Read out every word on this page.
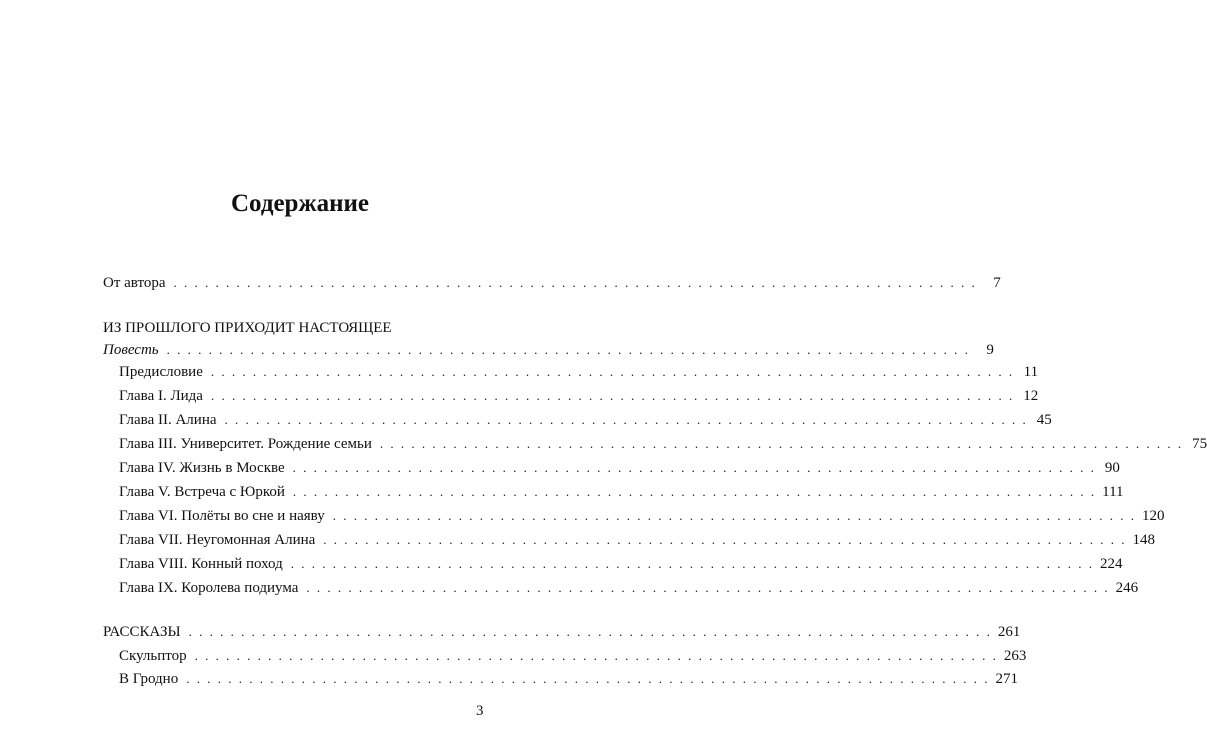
Содержание
От автора . . . . . . . . . . . . . . . . . . . . . . . . . . . . . . . . . . . . . . . . . . . . . . . . . . . . . . . . . . . . . . . . . . . . . . . . . . . . .	7
ИЗ ПРОШЛОГО ПРИХОДИТ НАСТОЯЩЕЕ
Повесть . . . . . . . . . . . . . . . . . . . . . . . . . . . . . . . . . . . . . . . . . . . . . . . . . . . . . . . . . . . . . . . . . . . . . . . . . . . . .	9
Предисловие . . . . . . . . . . . . . . . . . . . . . . . . . . . . . . . . . . . . . . . . . . . . . . . . . . . . . . . . . . . . . . . . . . . . . . . . . . . . . 11
Глава I. Лида . . . . . . . . . . . . . . . . . . . . . . . . . . . . . . . . . . . . . . . . . . . . . . . . . . . . . . . . . . . . . . . . . . . . . . . . . . . . . 12
Глава II. Алина . . . . . . . . . . . . . . . . . . . . . . . . . . . . . . . . . . . . . . . . . . . . . . . . . . . . . . . . . . . . . . . . . . . . . . . . . . . . . 45
Глава III. Университет. Рождение семьи . . . . . . . . . . . . . . . . . . . . . . . . . . . . . . . . . . . . . . . . . . . . . . . . . . . . . . . . . . . . . . . . . . . . . . . . . . . . . 75
Глава IV. Жизнь в Москве . . . . . . . . . . . . . . . . . . . . . . . . . . . . . . . . . . . . . . . . . . . . . . . . . . . . . . . . . . . . . . . . . . . . . . . . . . . . . 90
Глава V. Встреча с Юркой . . . . . . . . . . . . . . . . . . . . . . . . . . . . . . . . . . . . . . . . . . . . . . . . . . . . . . . . . . . . . . . . . . . . . . . . . . . . . 111
Глава VI. Полёты во сне и наяву . . . . . . . . . . . . . . . . . . . . . . . . . . . . . . . . . . . . . . . . . . . . . . . . . . . . . . . . . . . . . . . . . . . . . . . . . . . . . 120
Глава VII. Неугомонная Алина . . . . . . . . . . . . . . . . . . . . . . . . . . . . . . . . . . . . . . . . . . . . . . . . . . . . . . . . . . . . . . . . . . . . . . . . . . . . . 148
Глава VIII. Конный поход . . . . . . . . . . . . . . . . . . . . . . . . . . . . . . . . . . . . . . . . . . . . . . . . . . . . . . . . . . . . . . . . . . . . . . . . . . . . . 224
Глава IX. Королева подиума . . . . . . . . . . . . . . . . . . . . . . . . . . . . . . . . . . . . . . . . . . . . . . . . . . . . . . . . . . . . . . . . . . . . . . . . . . . . . 246
РАССКАЗЫ . . . . . . . . . . . . . . . . . . . . . . . . . . . . . . . . . . . . . . . . . . . . . . . . . . . . . . . . . . . . . . . . . . . . . . . . . . . . . 261
Скульптор . . . . . . . . . . . . . . . . . . . . . . . . . . . . . . . . . . . . . . . . . . . . . . . . . . . . . . . . . . . . . . . . . . . . . . . . . . . . . 263
В Гродно . . . . . . . . . . . . . . . . . . . . . . . . . . . . . . . . . . . . . . . . . . . . . . . . . . . . . . . . . . . . . . . . . . . . . . . . . . . . . 271
3
